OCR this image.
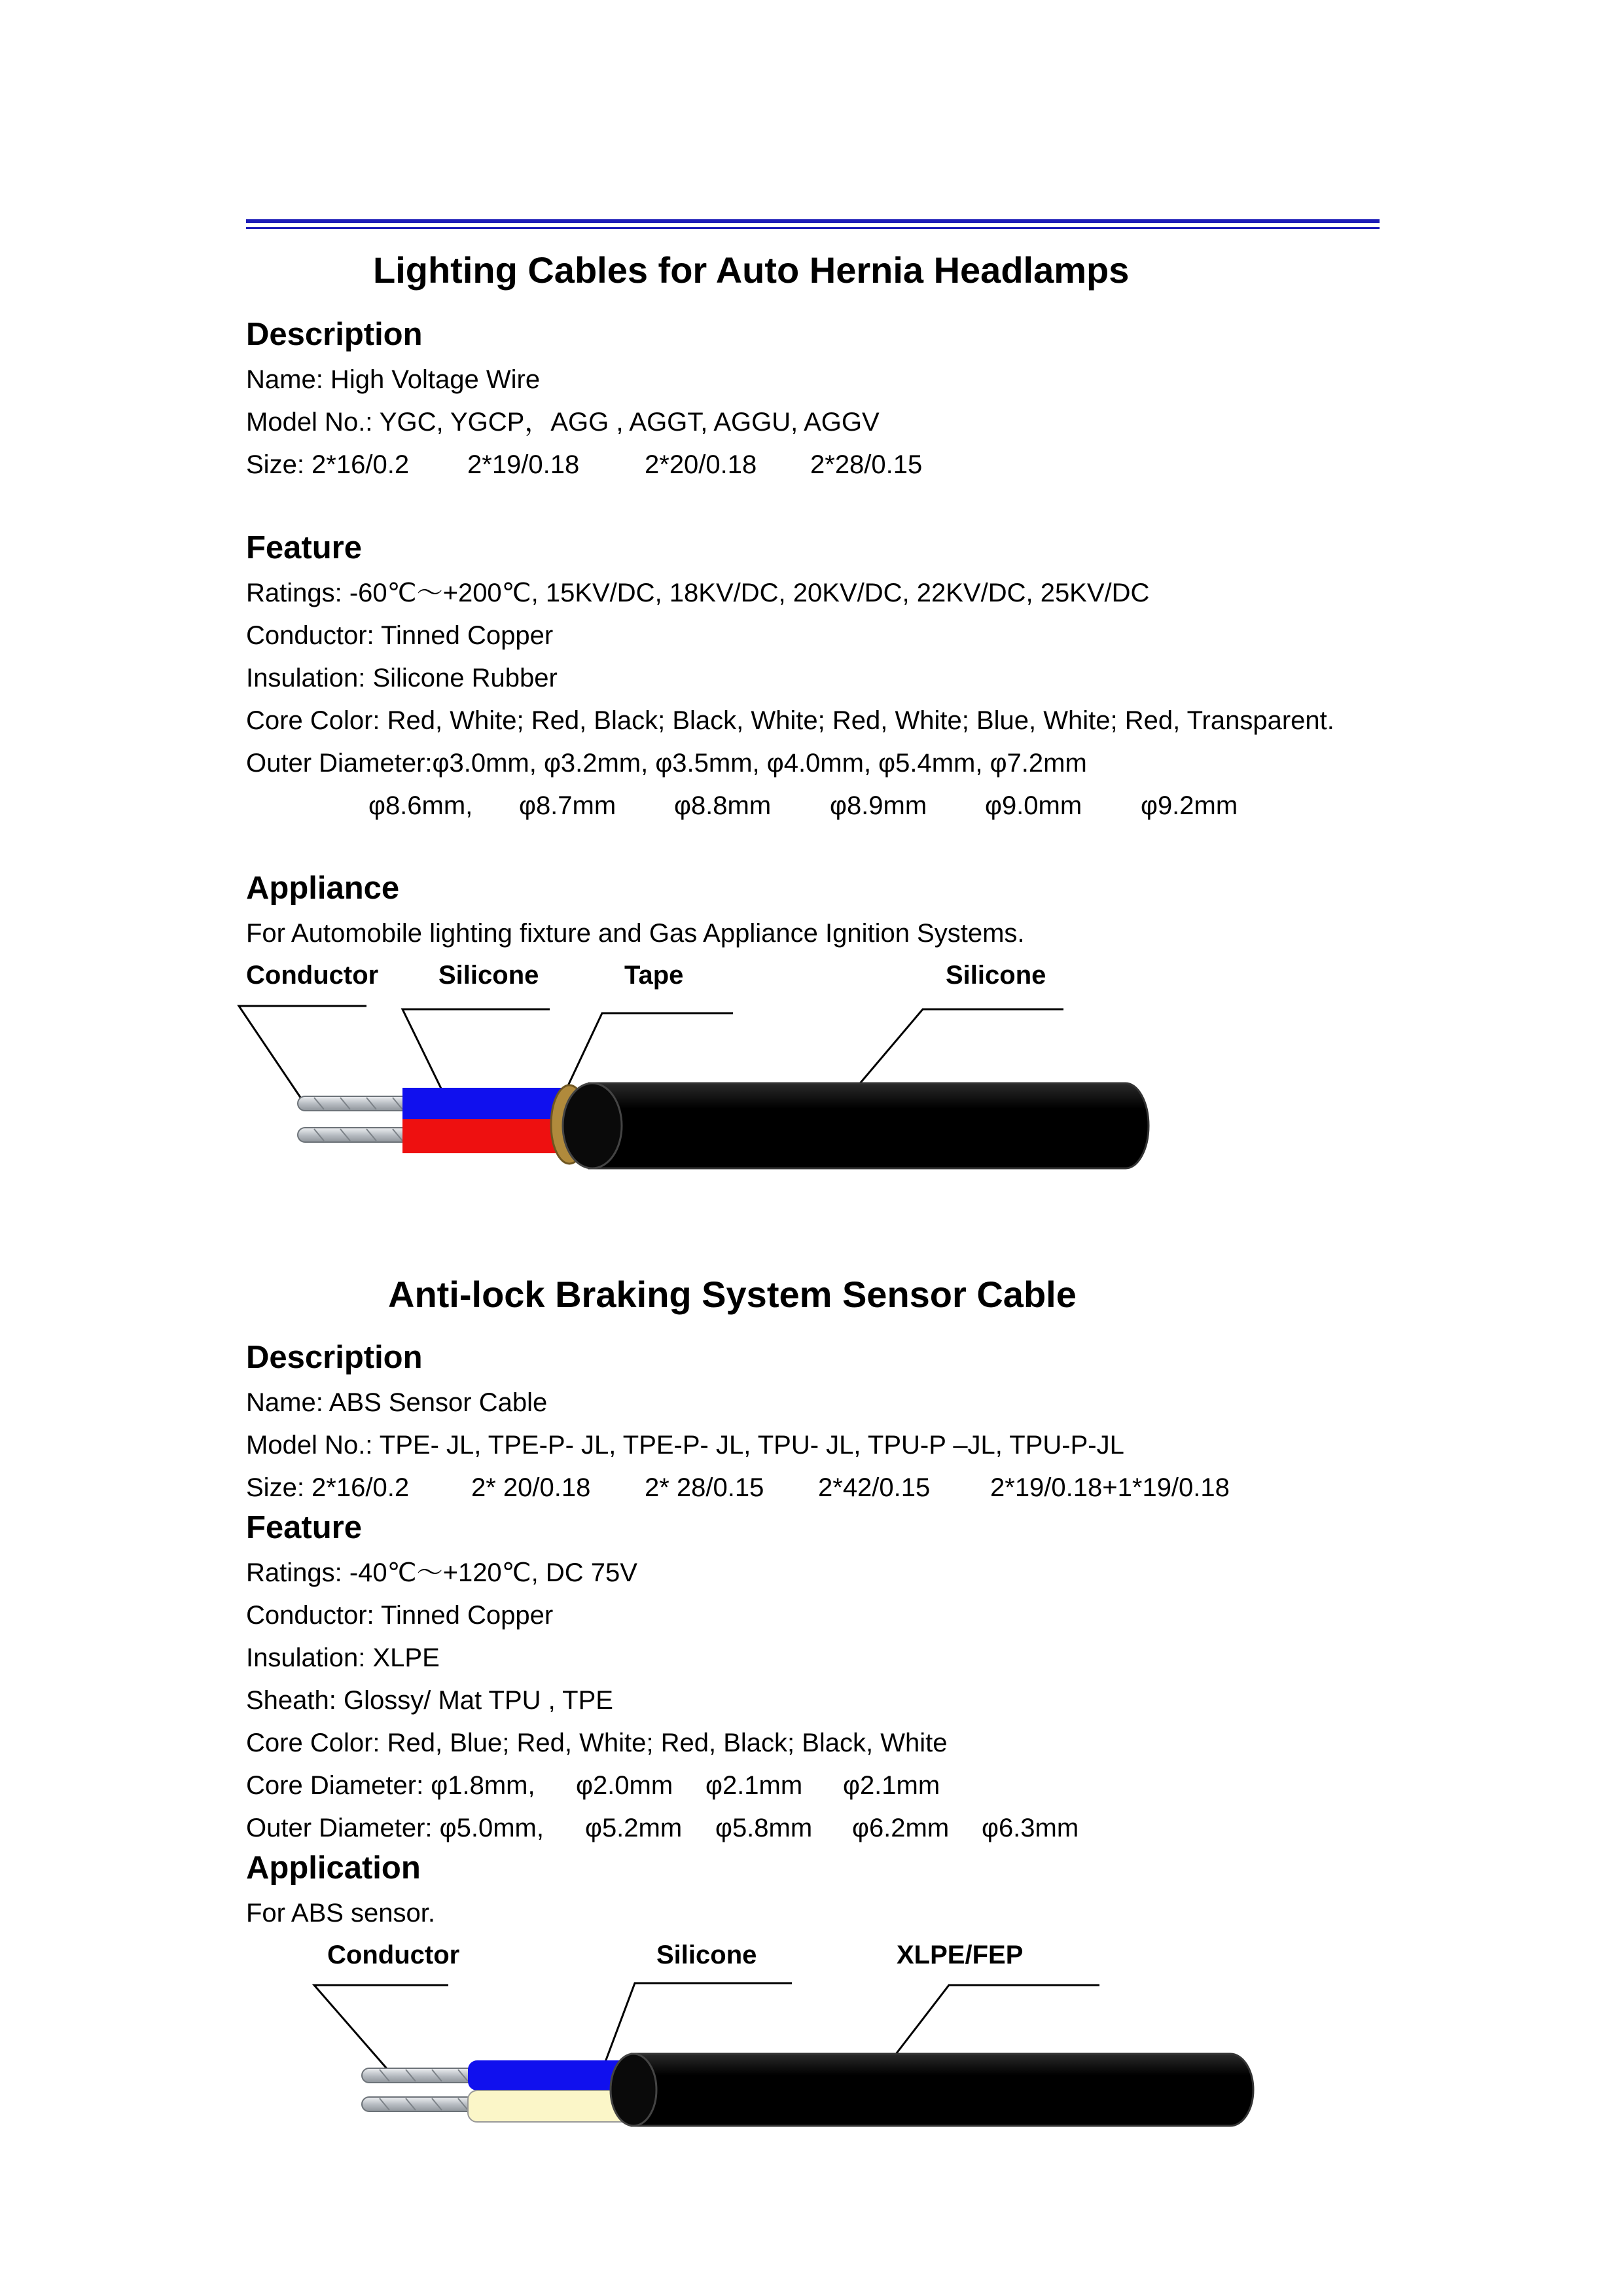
Lighting Cables for Auto Hernia Headlamps
Description
Name: High Voltage Wire
Model No.: YGC, YGCP，AGG , AGGT, AGGU, AGGV
Size: 2*16/0.2 2*19/0.18 2*20/0.18 2*28/0.15
Feature
Ratings: -60℃～+200℃, 15KV/DC, 18KV/DC, 20KV/DC, 22KV/DC, 25KV/DC
Conductor: Tinned Copper
Insulation: Silicone Rubber
Core Color: Red, White; Red, Black; Black, White; Red, White; Blue, White; Red, Transparent.
Outer Diameter:φ3.0mm, φ3.2mm, φ3.5mm, φ4.0mm, φ5.4mm, φ7.2mm
φ8.6mm, φ8.7mm φ8.8mm φ8.9mm φ9.0mm φ9.2mm
Appliance
For Automobile lighting fixture and Gas Appliance Ignition Systems.
Conductor Silicone	Tape	Silicone
Anti-lock Braking System Sensor Cable
Description
Name: ABS Sensor Cable
Model No.: TPE- JL, TPE-P- JL, TPE-P- JL, TPU- JL, TPU-P –JL, TPU-P-JL
Size: 2*16/0.2 2* 20/0.18 2* 28/0.15 2*42/0.15 2*19/0.18+1*19/0.18
Feature
Ratings: -40℃～+120℃, DC 75V
Conductor: Tinned Copper
Insulation: XLPE
Sheath: Glossy/ Mat TPU , TPE
Core Color: Red, Blue; Red, White; Red, Black; Black, White
Core Diameter: φ1.8mm, φ2.0mm φ2.1mm φ2.1mm
Outer Diameter: φ5.0mm, φ5.2mm φ5.8mm φ6.2mm φ6.3mm
Application
For ABS sensor.
Conductor	Silicone	XLPE/FEP
